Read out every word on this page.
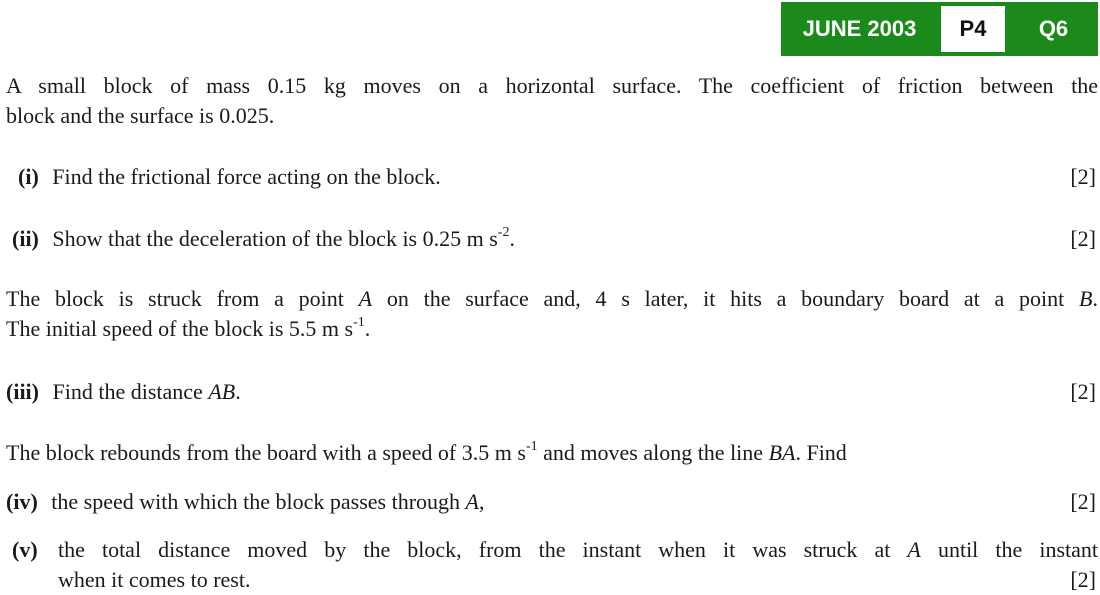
JUNE 2003	P4	Q6
A small block of mass 0.15 kg moves on a horizontal surface. The coefficient of friction between the
block and the surface is 0.025.
(i) Find the frictional force acting on the block.	[2]
(ii) Show that the deceleration of the block is 0.25 m $s^{-2}$.	[2]
The block is struck from a point A on the surface and, 4 s later, it hits a boundary board at a point B.
The initial speed of the block is 5.5 m $s^{-1}$.
(iii) Find the distance AB.	[2]
The block rebounds from the board with a speed of 3.5 m $s^{-1}$ and moves along the line BA. Find
(iv) the speed with which the block passes through A,	[2]
(v) the total distance moved by the block, from the instant when it was struck at A until the instant
when it comes to rest.	[2]
